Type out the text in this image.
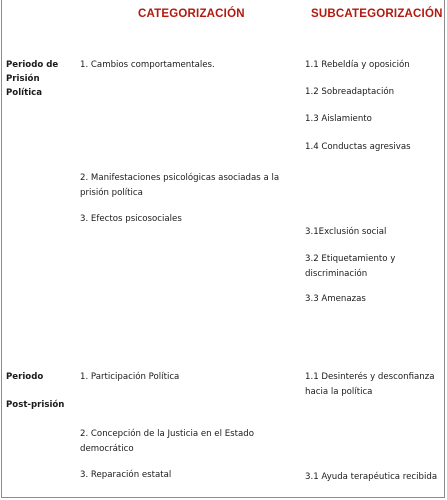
CATEGORIZACIÓN	SUBCATEGORIZACIÓN
Periodo de
Prisión
Política
1. Cambios comportamentales.
2. Manifestaciones psicológicas asociadas a la prisión política
3. Efectos psicosociales
1.1 Rebeldía y oposición
1.2 Sobreadaptación
1.3 Aislamiento
1.4 Conductas agresivas
3.1Exclusión social
3.2 Etiquetamiento y discriminación
3.3 Amenazas
Periodo
Post-prisión
1. Participación Política
2. Concepción de la Justicia en el Estado democrático
3. Reparación estatal
1.1 Desinterés y desconfianza hacia la política
3.1 Ayuda terapéutica recibida
